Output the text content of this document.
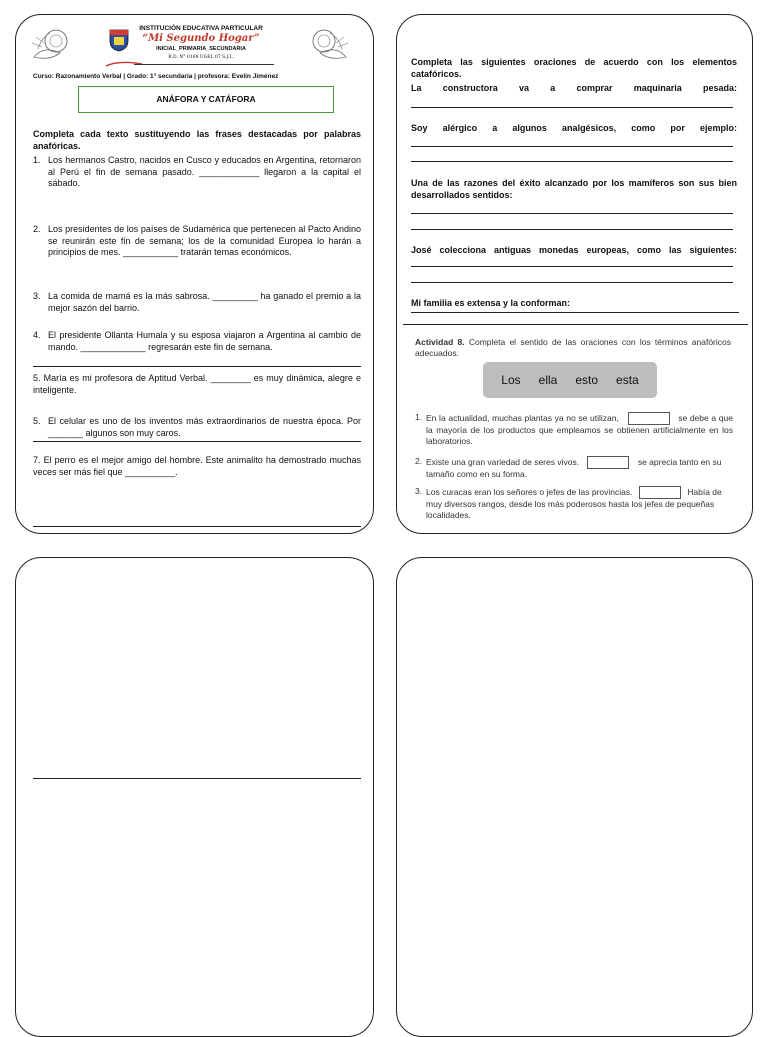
INSTITUCIÓN EDUCATIVA PARTICULAR
“Mi Segundo Hogar”
INICIAL_PRIMARIA_SECUNDARIA
R.D. N° 0169 UGEL 07 S.J.L.
Curso: Razonamiento Verbal | Grado: 1° secundaria | profesora: Evelin Jiménez
ANÁFORA Y CATÁFORA
Completa cada texto sustituyendo las frases destacadas por palabras anafóricas.
1. Los hermanos Castro, nacidos en Cusco y educados en Argentina, retornaron al Perú el fin de semana pasado. ____________ llegaron a la capital el sábado.
2. Los presidentes de los países de Sudamérica que pertenecen al Pacto Andino se reunirán este fin de semana; los de la comunidad Europea lo harán a principios de mes. ___________ tratarán temas económicos.
3. La comida de mamá es la más sabrosa. _________ ha ganado el premio a la mejor sazón del barrio.
4. El presidente Ollanta Humala y su esposa viajaron a Argentina al cambio de mando. _____________ regresarán este fin de semana.
5. María es mi profesora de Aptitud Verbal. ________ es muy dinámica, alegre e inteligente.
5. El celular es uno de los inventos más extraordinarios de nuestra época. Por _______ algunos son muy caros.
7. El perro es el mejor amigo del hombre. Este animalito ha demostrado muchas veces ser más fiel que __________.
Completa las siguientes oraciones de acuerdo con los elementos catafóricos.
La constructora va a comprar maquinaria pesada:
Soy alérgico a algunos analgésicos, como por ejemplo:
Una de las razones del éxito alcanzado por los mamíferos son sus bien desarrollados sentidos:
José colecciona antiguas monedas europeas, como las siguientes:
Mi familia es extensa y la conforman:
Actividad 8. Completa el sentido de las oraciones con los términos anafóricos adecuados.
Los ella esto esta
1. En la actualidad, muchas plantas ya no se utilizan,	se debe a que la mayoría de los productos que empleamos se obtienen artificialmente en los laboratorios.
2. Existe una gran variedad de seres vivos.	se aprecia tanto en su tamaño como en su forma.
3. Los curacas eran los señores o jefes de las provincias.	Había de muy diversos rangos, desde los más poderosos hasta los jefes de pequeñas localidades.
